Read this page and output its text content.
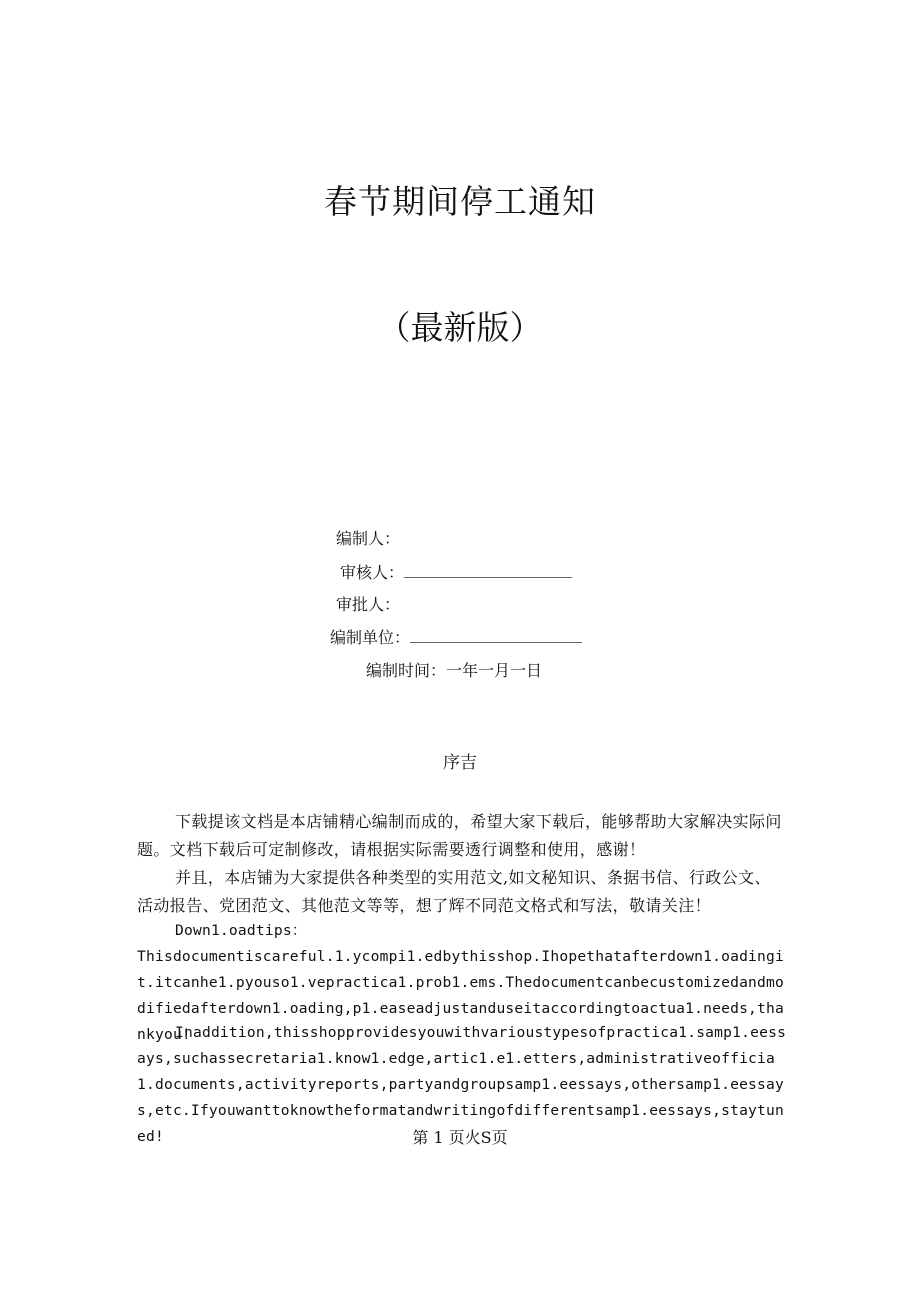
春节期间停工通知
（最新版）
编制人：
审核人：
审批人：
编制单位：
编制时间：一年一月一日
序吉

下载提该文档是本店铺精心编制而成的，希望大家下载后，能够帮助大家解决实际问题。文档下载后可定制修改，请根据实际需要透行调整和使用，感谢！

并且，本店铺为大家提供各种类型的实用范文,如文秘知识、条据书信、行政公文、活动报告、党团范文、其他范文等等，想了辉不同范文格式和写法，敬请关注！

Down1.oadtips：

Thisdocumentiscareful.1.ycompi1.edbythisshop.Ihopethatafterdown1.oadingit.itcanhe1.pyouso1.vepractica1.prob1.ems.Thedocumentcanbecustomizedandmodifiedafterdown1.oading,p1.easeadjustanduseitaccordingtoactua1.needs,thankyou!

Inaddition,thisshopprovidesyouwithvarioustypesofpractica1.samp1.eessays,suchassecretaria1.know1.edge,artic1.e1.etters,administrativeofficia1.documents,activityreports,partyandgroupsamp1.eessays,othersamp1.eessays,etc.Ifyouwanttoknowtheformatandwritingofdifferentsamp1.eessays,staytuned!	第 1 页火S页
